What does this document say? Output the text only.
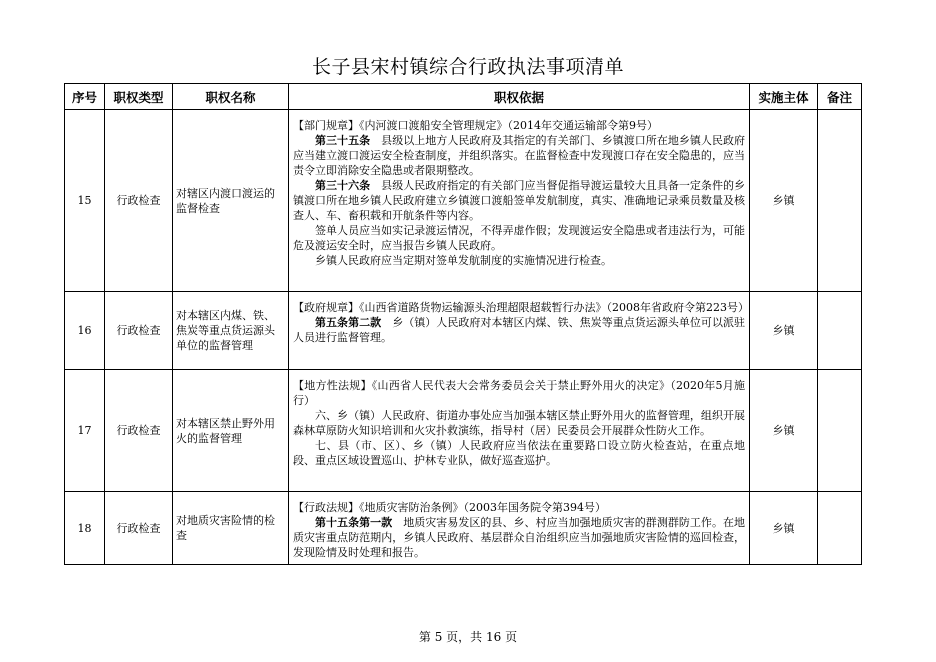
长子县宋村镇综合行政执法事项清单
序号	职权类型	职权名称	职权依据	实施主体	备注
15	行政检查	对辖区内渡口渡运的监督检查	【部门规章】《内河渡口渡船安全管理规定》（2014年交通运输部令第9号）
第三十五条　县级以上地方人民政府及其指定的有关部门、乡镇渡口所在地乡镇人民政府应当建立渡口渡运安全检查制度，并组织落实。在监督检查中发现渡口存在安全隐患的，应当责令立即消除安全隐患或者限期整改。
第三十六条　县级人民政府指定的有关部门应当督促指导渡运量较大且具备一定条件的乡镇渡口所在地乡镇人民政府建立乡镇渡口渡船签单发航制度，真实、准确地记录乘员数量及核查人、车、畜积载和开航条件等内容。
签单人员应当如实记录渡运情况，不得弄虚作假；发现渡运安全隐患或者违法行为，可能危及渡运安全时，应当报告乡镇人民政府。
乡镇人民政府应当定期对签单发航制度的实施情况进行检查。	乡镇	
16	行政检查	对本辖区内煤、铁、焦炭等重点货运源头单位的监督管理	【政府规章】《山西省道路货物运输源头治理超限超载暂行办法》（2008年省政府令第223号）
第五条第二款　乡（镇）人民政府对本辖区内煤、铁、焦炭等重点货运源头单位可以派驻人员进行监督管理。	乡镇	
17	行政检查	对本辖区禁止野外用火的监督管理	【地方性法规】《山西省人民代表大会常务委员会关于禁止野外用火的决定》（2020年5月施行）
六、乡（镇）人民政府、街道办事处应当加强本辖区禁止野外用火的监督管理，组织开展森林草原防火知识培训和火灾扑救演练，指导村（居）民委员会开展群众性防火工作。
七、县（市、区）、乡（镇）人民政府应当依法在重要路口设立防火检查站，在重点地段、重点区域设置巡山、护林专业队，做好巡查巡护。	乡镇	
18	行政检查	对地质灾害险情的检查	【行政法规】《地质灾害防治条例》（2003年国务院令第394号）
第十五条第一款　地质灾害易发区的县、乡、村应当加强地质灾害的群测群防工作。在地质灾害重点防范期内，乡镇人民政府、基层群众自治组织应当加强地质灾害险情的巡回检查，发现险情及时处理和报告。	乡镇	
第 5 页，共 16 页
